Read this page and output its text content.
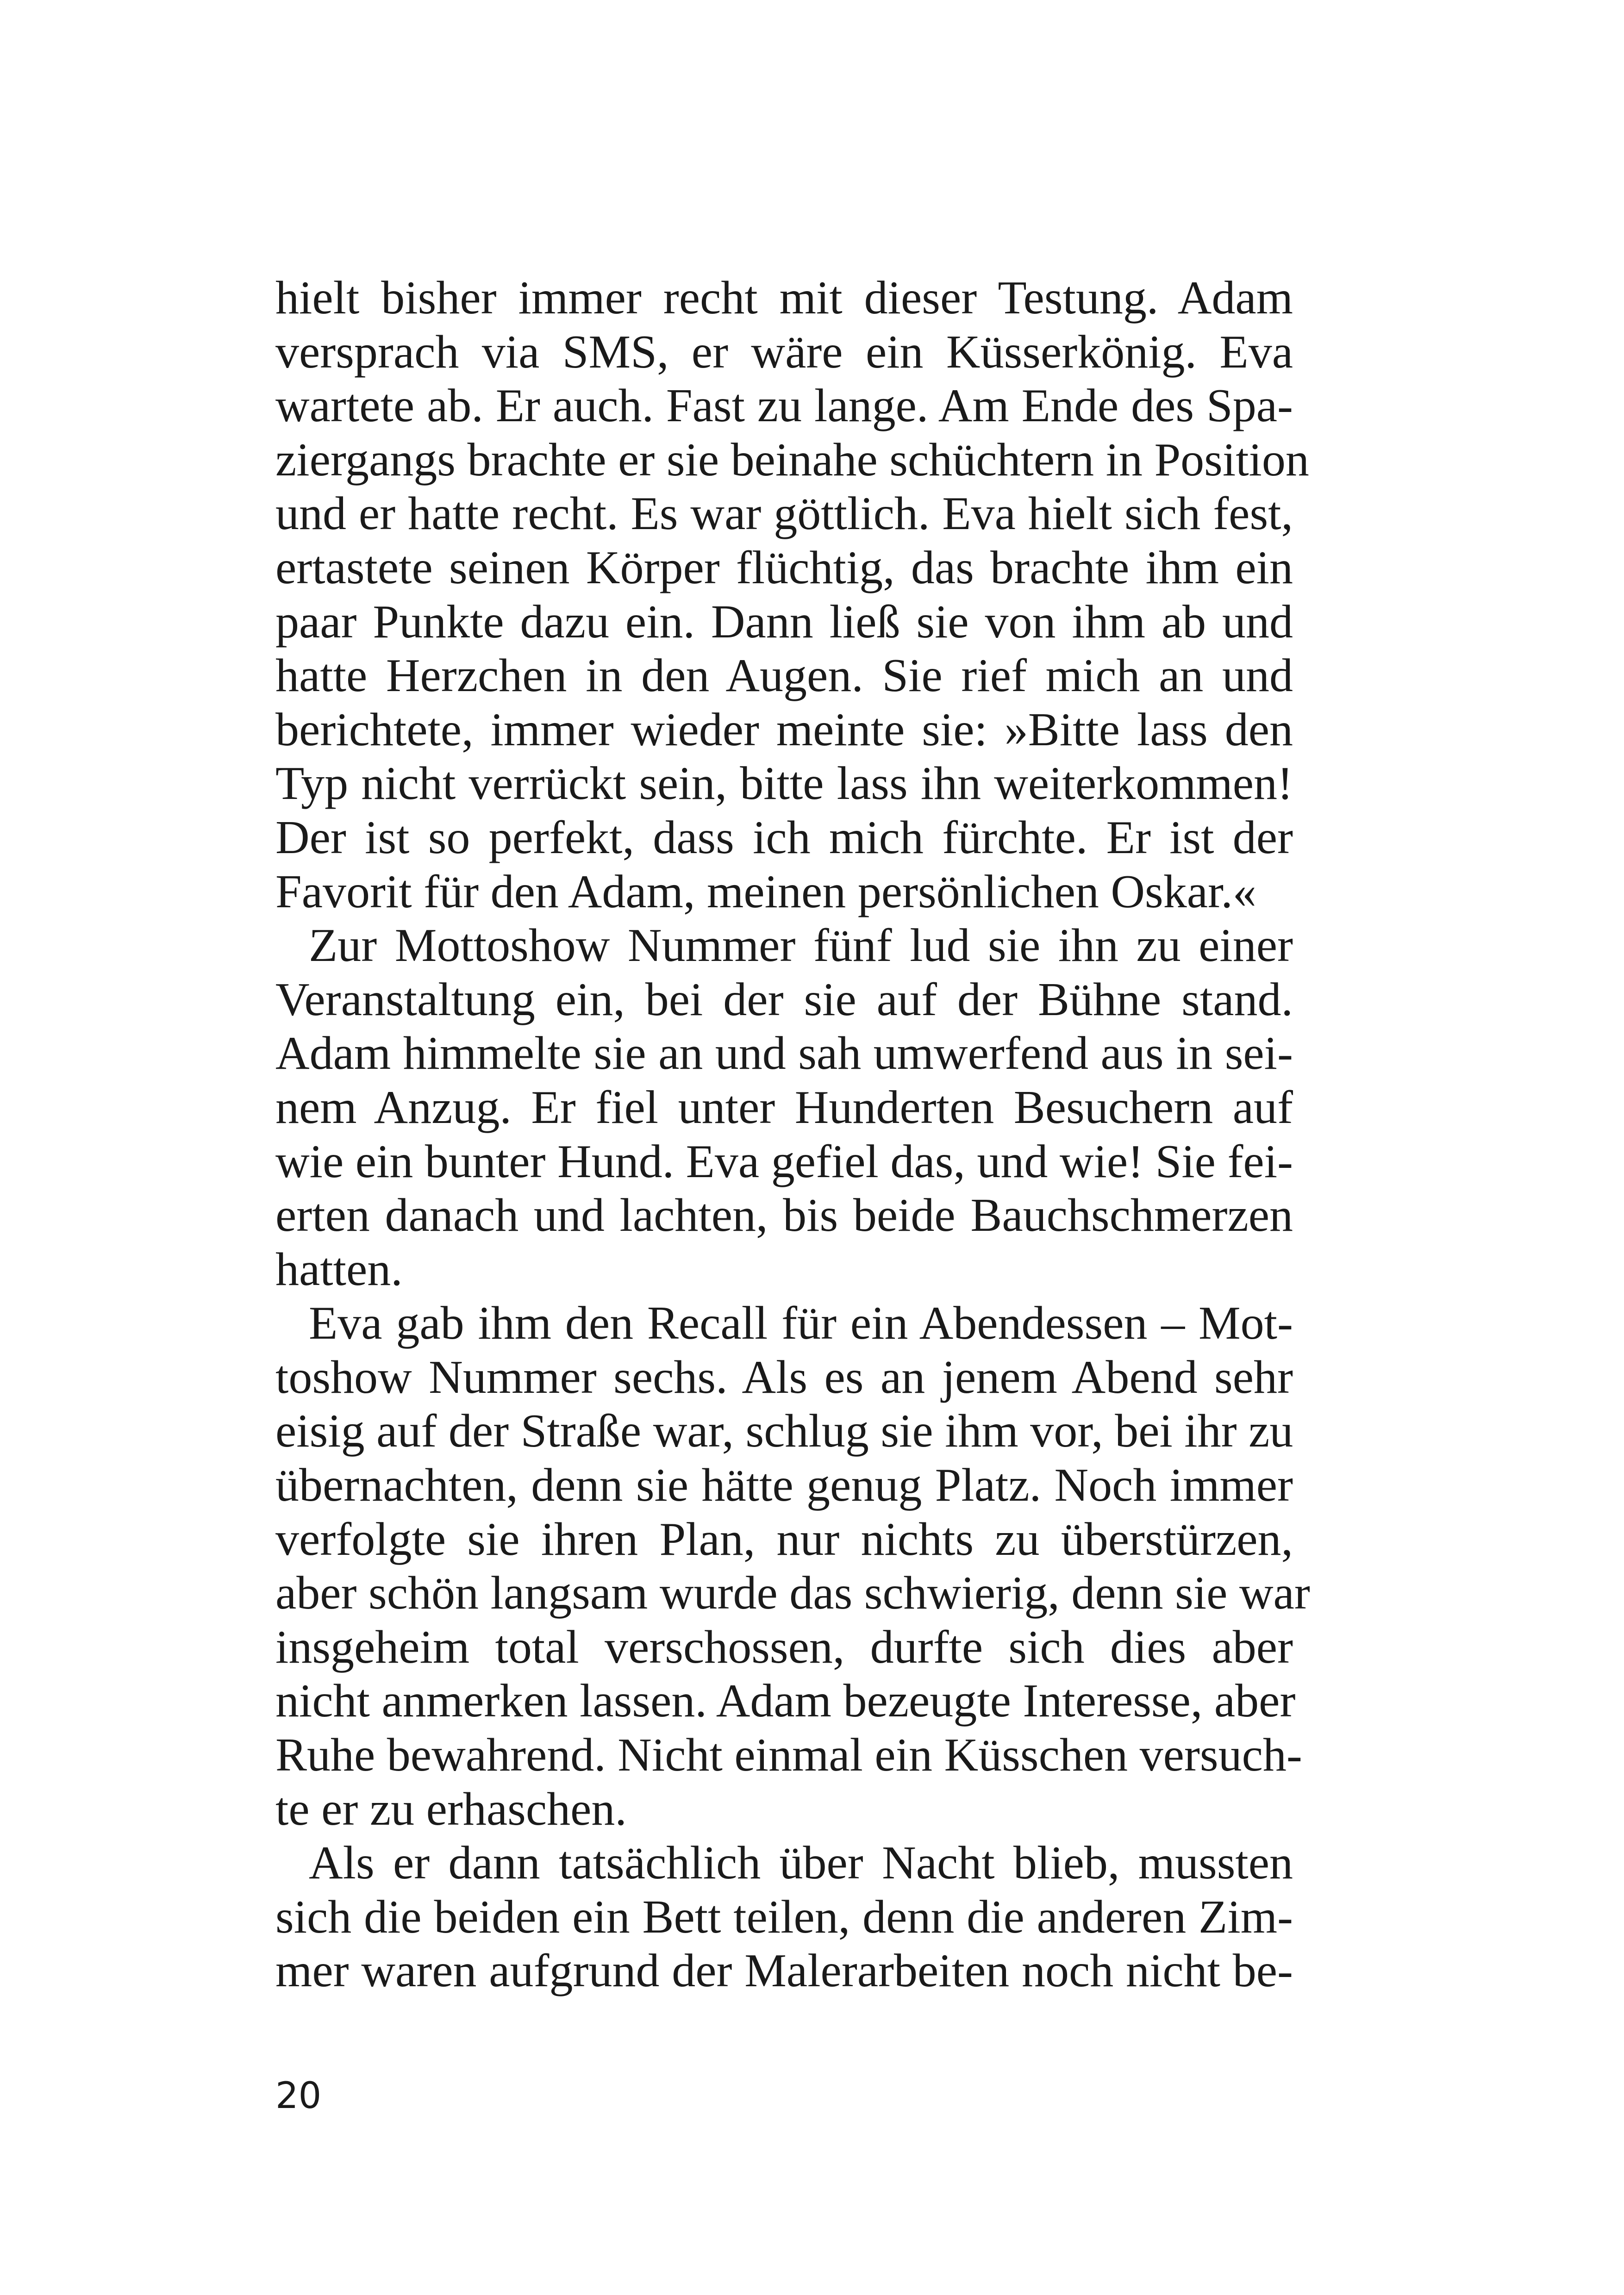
hielt bisher immer recht mit dieser Testung. Adam
versprach via SMS, er wäre ein Küsserkönig. Eva
wartete ab. Er auch. Fast zu lange. Am Ende des Spa-
ziergangs brachte er sie beinahe schüchtern in Position
und er hatte recht. Es war göttlich. Eva hielt sich fest,
ertastete seinen Körper flüchtig, das brachte ihm ein
paar Punkte dazu ein. Dann ließ sie von ihm ab und
hatte Herzchen in den Augen. Sie rief mich an und
berichtete, immer wieder meinte sie: »Bitte lass den
Typ nicht verrückt sein, bitte lass ihn weiterkommen!
Der ist so perfekt, dass ich mich fürchte. Er ist der
Favorit für den Adam, meinen persönlichen Oskar.«
Zur Mottoshow Nummer fünf lud sie ihn zu einer
Veranstaltung ein, bei der sie auf der Bühne stand.
Adam himmelte sie an und sah umwerfend aus in sei-
nem Anzug. Er fiel unter Hunderten Besuchern auf
wie ein bunter Hund. Eva gefiel das, und wie! Sie fei-
erten danach und lachten, bis beide Bauchschmerzen
hatten.
Eva gab ihm den Recall für ein Abendessen – Mot-
toshow Nummer sechs. Als es an jenem Abend sehr
eisig auf der Straße war, schlug sie ihm vor, bei ihr zu
übernachten, denn sie hätte genug Platz. Noch immer
verfolgte sie ihren Plan, nur nichts zu überstürzen,
aber schön langsam wurde das schwierig, denn sie war
insgeheim total verschossen, durfte sich dies aber
nicht anmerken lassen. Adam bezeugte Interesse, aber
Ruhe bewahrend. Nicht einmal ein Küsschen versuch-
te er zu erhaschen.
Als er dann tatsächlich über Nacht blieb, mussten
sich die beiden ein Bett teilen, denn die anderen Zim-
mer waren aufgrund der Malerarbeiten noch nicht be-
20
